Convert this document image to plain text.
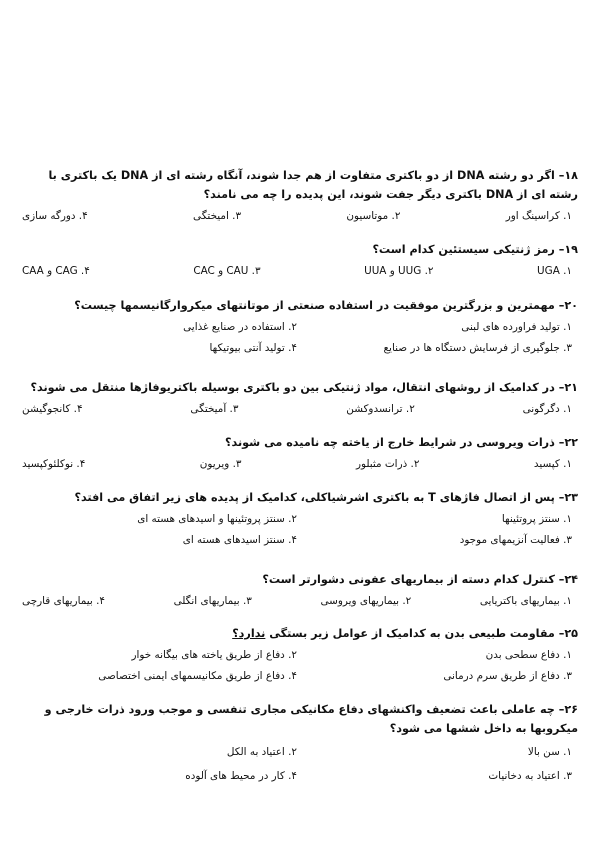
۱۸– اگر دو رشته DNA از دو باکتری متفاوت از هم جدا شوند، آنگاه رشته ای از DNA یک باکتری با رشته ای از DNA باکتری دیگر جفت شوند، این پدیده را چه می نامند؟
۱. کراسینگ اور
۲. موتاسیون
۳. امیختگی
۴. دورگه سازی
۱۹– رمز ژنتیکی سیستئین کدام است؟
۱. UGA
۲. UUG و UUA
۳. CAU و CAC
۴. CAG و CAA
۲۰– مهمترین و بزرگترین موفقیت در استفاده صنعتی از موتانتهای میکروارگانیسمها چیست؟
۱. تولید فراورده های لبنی
۲. استفاده در صنایع غذایی
۳. جلوگیری از فرسایش دستگاه ها در صنایع
۴. تولید آنتی بیوتیکها
۲۱– در کدامیک از روشهای انتقال، مواد ژنتیکی بین دو باکتری بوسیله باکتریوفاژها منتقل می شوند؟
۱. دگرگونی
۲. ترانسدوکشن
۳. آمیختگی
۴. کانجوگیشن
۲۲– ذرات ویروسی در شرایط خارج از یاخته چه نامیده می شوند؟
۱. کپسید
۲. ذرات مثبلور
۳. ویریون
۴. نوکلئوکپسید
۲۳– پس از اتصال فاژهای T به باکتری اشرشیاکلی، کدامیک از پدیده های زیر اتفاق می افتد؟
۱. سنتز پروتئینها
۲. سنتز پروتئینها و اسیدهای هسته ای
۳. فعالیت آنزیمهای موجود
۴. سنتز اسیدهای هسته ای
۲۴– کنترل کدام دسته از بیماریهای عفونی دشوارتر است؟
۱. بیماریهای باکتریایی
۲. بیماریهای ویروسی
۳. بیماریهای انگلی
۴. بیماریهای قارچی
۲۵– مقاومت طبیعی بدن به کدامیک از عوامل زیر بستگی ندارد؟
۱. دفاع سطحی بدن
۲. دفاع از طریق یاخته های بیگانه خوار
۳. دفاع از طریق سرم درمانی
۴. دفاع از طریق مکانیسمهای ایمنی اختصاصی
۲۶– چه عاملی باعث تضعیف واکنشهای دفاع مکانیکی مجاری تنفسی و موجب ورود ذرات خارجی و میکروبها به داخل ششها می شود؟
۱. سن بالا
۲. اعتیاد به الکل
۳. اعتیاد به دخانیات
۴. کار در محیط های آلوده
